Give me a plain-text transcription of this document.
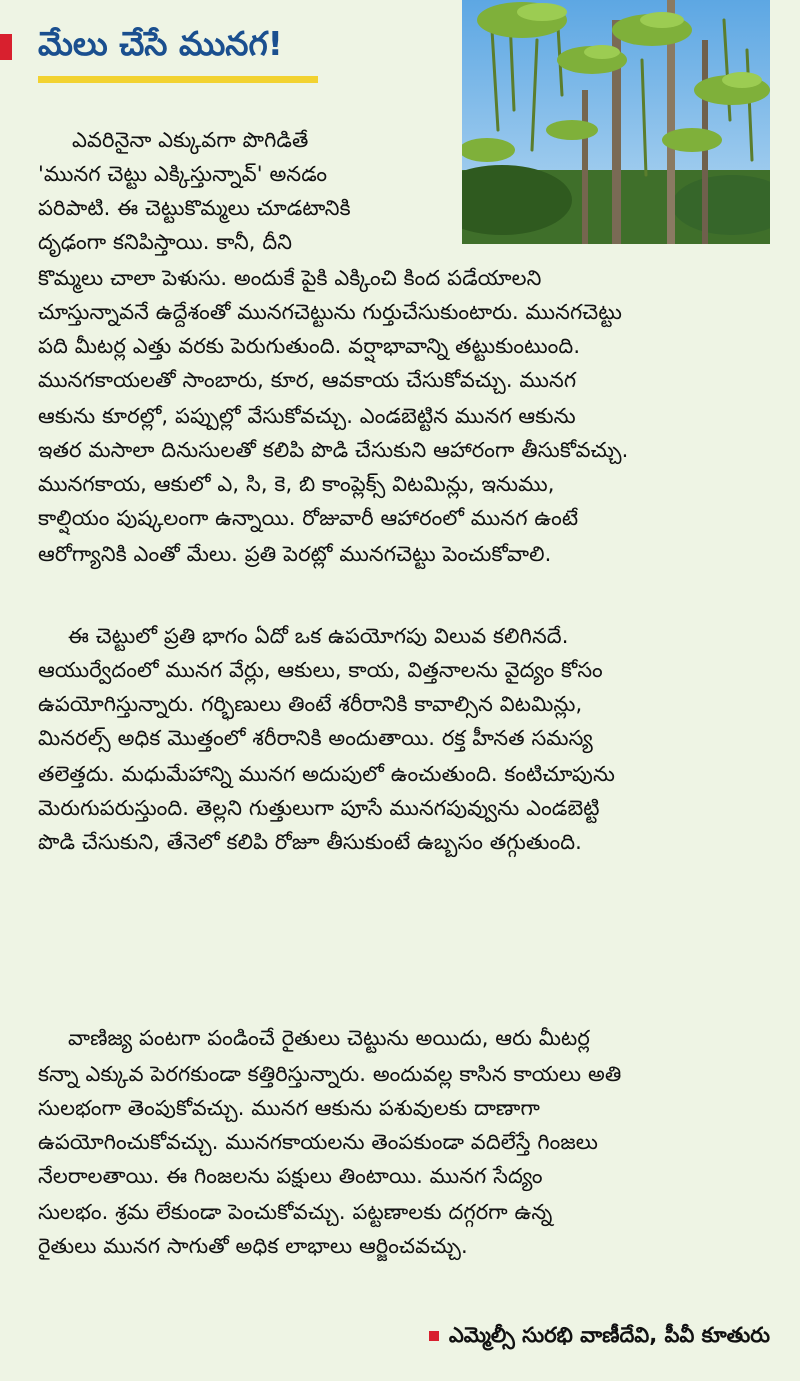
మేలు చేసే మునగ!
ఎవరినైనా ఎక్కువగా పొగిడితే
'మునగ చెట్టు ఎక్కిస్తున్నావ్' అనడం
పరిపాటి. ఈ చెట్టుకొమ్మలు చూడటానికి
దృఢంగా కనిపిస్తాయి. కానీ, దీని
కొమ్మలు చాలా పెళుసు. అందుకే పైకి ఎక్కించి కింద పడేయాలని
చూస్తున్నావనే ఉద్దేశంతో మునగచెట్టును గుర్తుచేసుకుంటారు. మునగచెట్టు
పది మీటర్ల ఎత్తు వరకు పెరుగుతుంది. వర్షాభావాన్ని తట్టుకుంటుంది.
మునగకాయలతో సాంబారు, కూర, ఆవకాయ చేసుకోవచ్చు. మునగ
ఆకును కూరల్లో, పప్పుల్లో వేసుకోవచ్చు. ఎండబెట్టిన మునగ ఆకును
ఇతర మసాలా దినుసులతో కలిపి పొడి చేసుకుని ఆహారంగా తీసుకోవచ్చు.
మునగకాయ, ఆకులో ఎ, సి, కె, బి కాంప్లెక్స్ విటమిన్లు, ఇనుము,
కాల్షియం పుష్కలంగా ఉన్నాయి. రోజువారీ ఆహారంలో మునగ ఉంటే
ఆరోగ్యానికి ఎంతో మేలు. ప్రతి పెరట్లో మునగచెట్టు పెంచుకోవాలి.
ఈ చెట్టులో ప్రతి భాగం ఏదో ఒక ఉపయోగపు విలువ కలిగినదే.
ఆయుర్వేదంలో మునగ వేర్లు, ఆకులు, కాయ, విత్తనాలను వైద్యం కోసం
ఉపయోగిస్తున్నారు. గర్భిణులు తింటే శరీరానికి కావాల్సిన విటమిన్లు,
మినరల్స్ అధిక మొత్తంలో శరీరానికి అందుతాయి. రక్త హీనత సమస్య
తలెత్తదు. మధుమేహాన్ని మునగ అదుపులో ఉంచుతుంది. కంటిచూపును
మెరుగుపరుస్తుంది. తెల్లని గుత్తులుగా పూసే మునగపువ్వును ఎండబెట్టి
పొడి చేసుకుని, తేనెలో కలిపి రోజూ తీసుకుంటే ఉబ్బసం తగ్గుతుంది.
వాణిజ్య పంటగా పండించే రైతులు చెట్టును అయిదు, ఆరు మీటర్ల
కన్నా ఎక్కువ పెరగకుండా కత్తిరిస్తున్నారు. అందువల్ల కాసిన కాయలు అతి
సులభంగా తెంపుకోవచ్చు. మునగ ఆకును పశువులకు దాణాగా
ఉపయోగించుకోవచ్చు. మునగకాయలను తెంపకుండా వదిలేస్తే గింజలు
నేలరాలతాయి. ఈ గింజలను పక్షులు తింటాయి. మునగ సేద్యం
సులభం. శ్రమ లేకుండా పెంచుకోవచ్చు. పట్టణాలకు దగ్గరగా ఉన్న
రైతులు మునగ సాగుతో అధిక లాభాలు ఆర్జించవచ్చు.
ఎమ్మెల్సీ సురభి వాణీదేవి, పీవీ కూతురు
